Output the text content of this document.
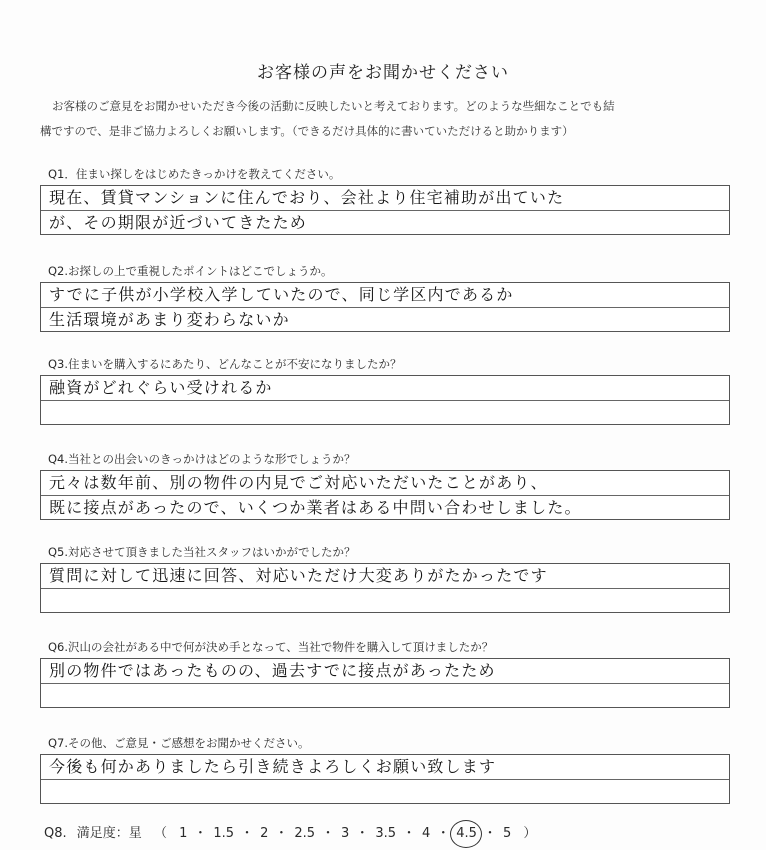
お客様の声をお聞かせください

お客様のご意見をお聞かせいただき今後の活動に反映したいと考えております。どのような些細なことでも結

構ですので、是非ご協力よろしくお願いします。（できるだけ具体的に書いていただけると助かります）

Q1．住まい探しをはじめたきっかけを教えてください。
現在、賃貸マンションに住んでおり、会社より住宅補助が出ていた
が、その期限が近づいてきたため
Q2.お探しの上で重視したポイントはどこでしょうか。
すでに子供が小学校入学していたので、同じ学区内であるか
生活環境があまり変わらないか
Q3.住まいを購入するにあたり、どんなことが不安になりましたか？
融資がどれぐらい受けれるか
Q4.当社との出会いのきっかけはどのような形でしょうか？
元々は数年前、別の物件の内見でご対応いただいたことがあり、
既に接点があったので、いくつか業者はある中問い合わせしました。
Q5.対応させて頂きました当社スタッフはいかがでしたか？
質問に対して迅速に回答、対応いただけ大変ありがたかったです
Q6.沢山の会社がある中で何が決め手となって、当社で物件を購入して頂けましたか？
別の物件ではあったものの、過去すでに接点があったため
Q7.その他、ご意見・ご感想をお聞かせください。
今後も何かありましたら引き続きよろしくお願い致します
Q8. 満足度：星 （ 1 ・ 1.5 ・ 2 ・ 2.5 ・ 3 ・ 3.5 ・ 4 ・ 4.5 ・ 5 ）
